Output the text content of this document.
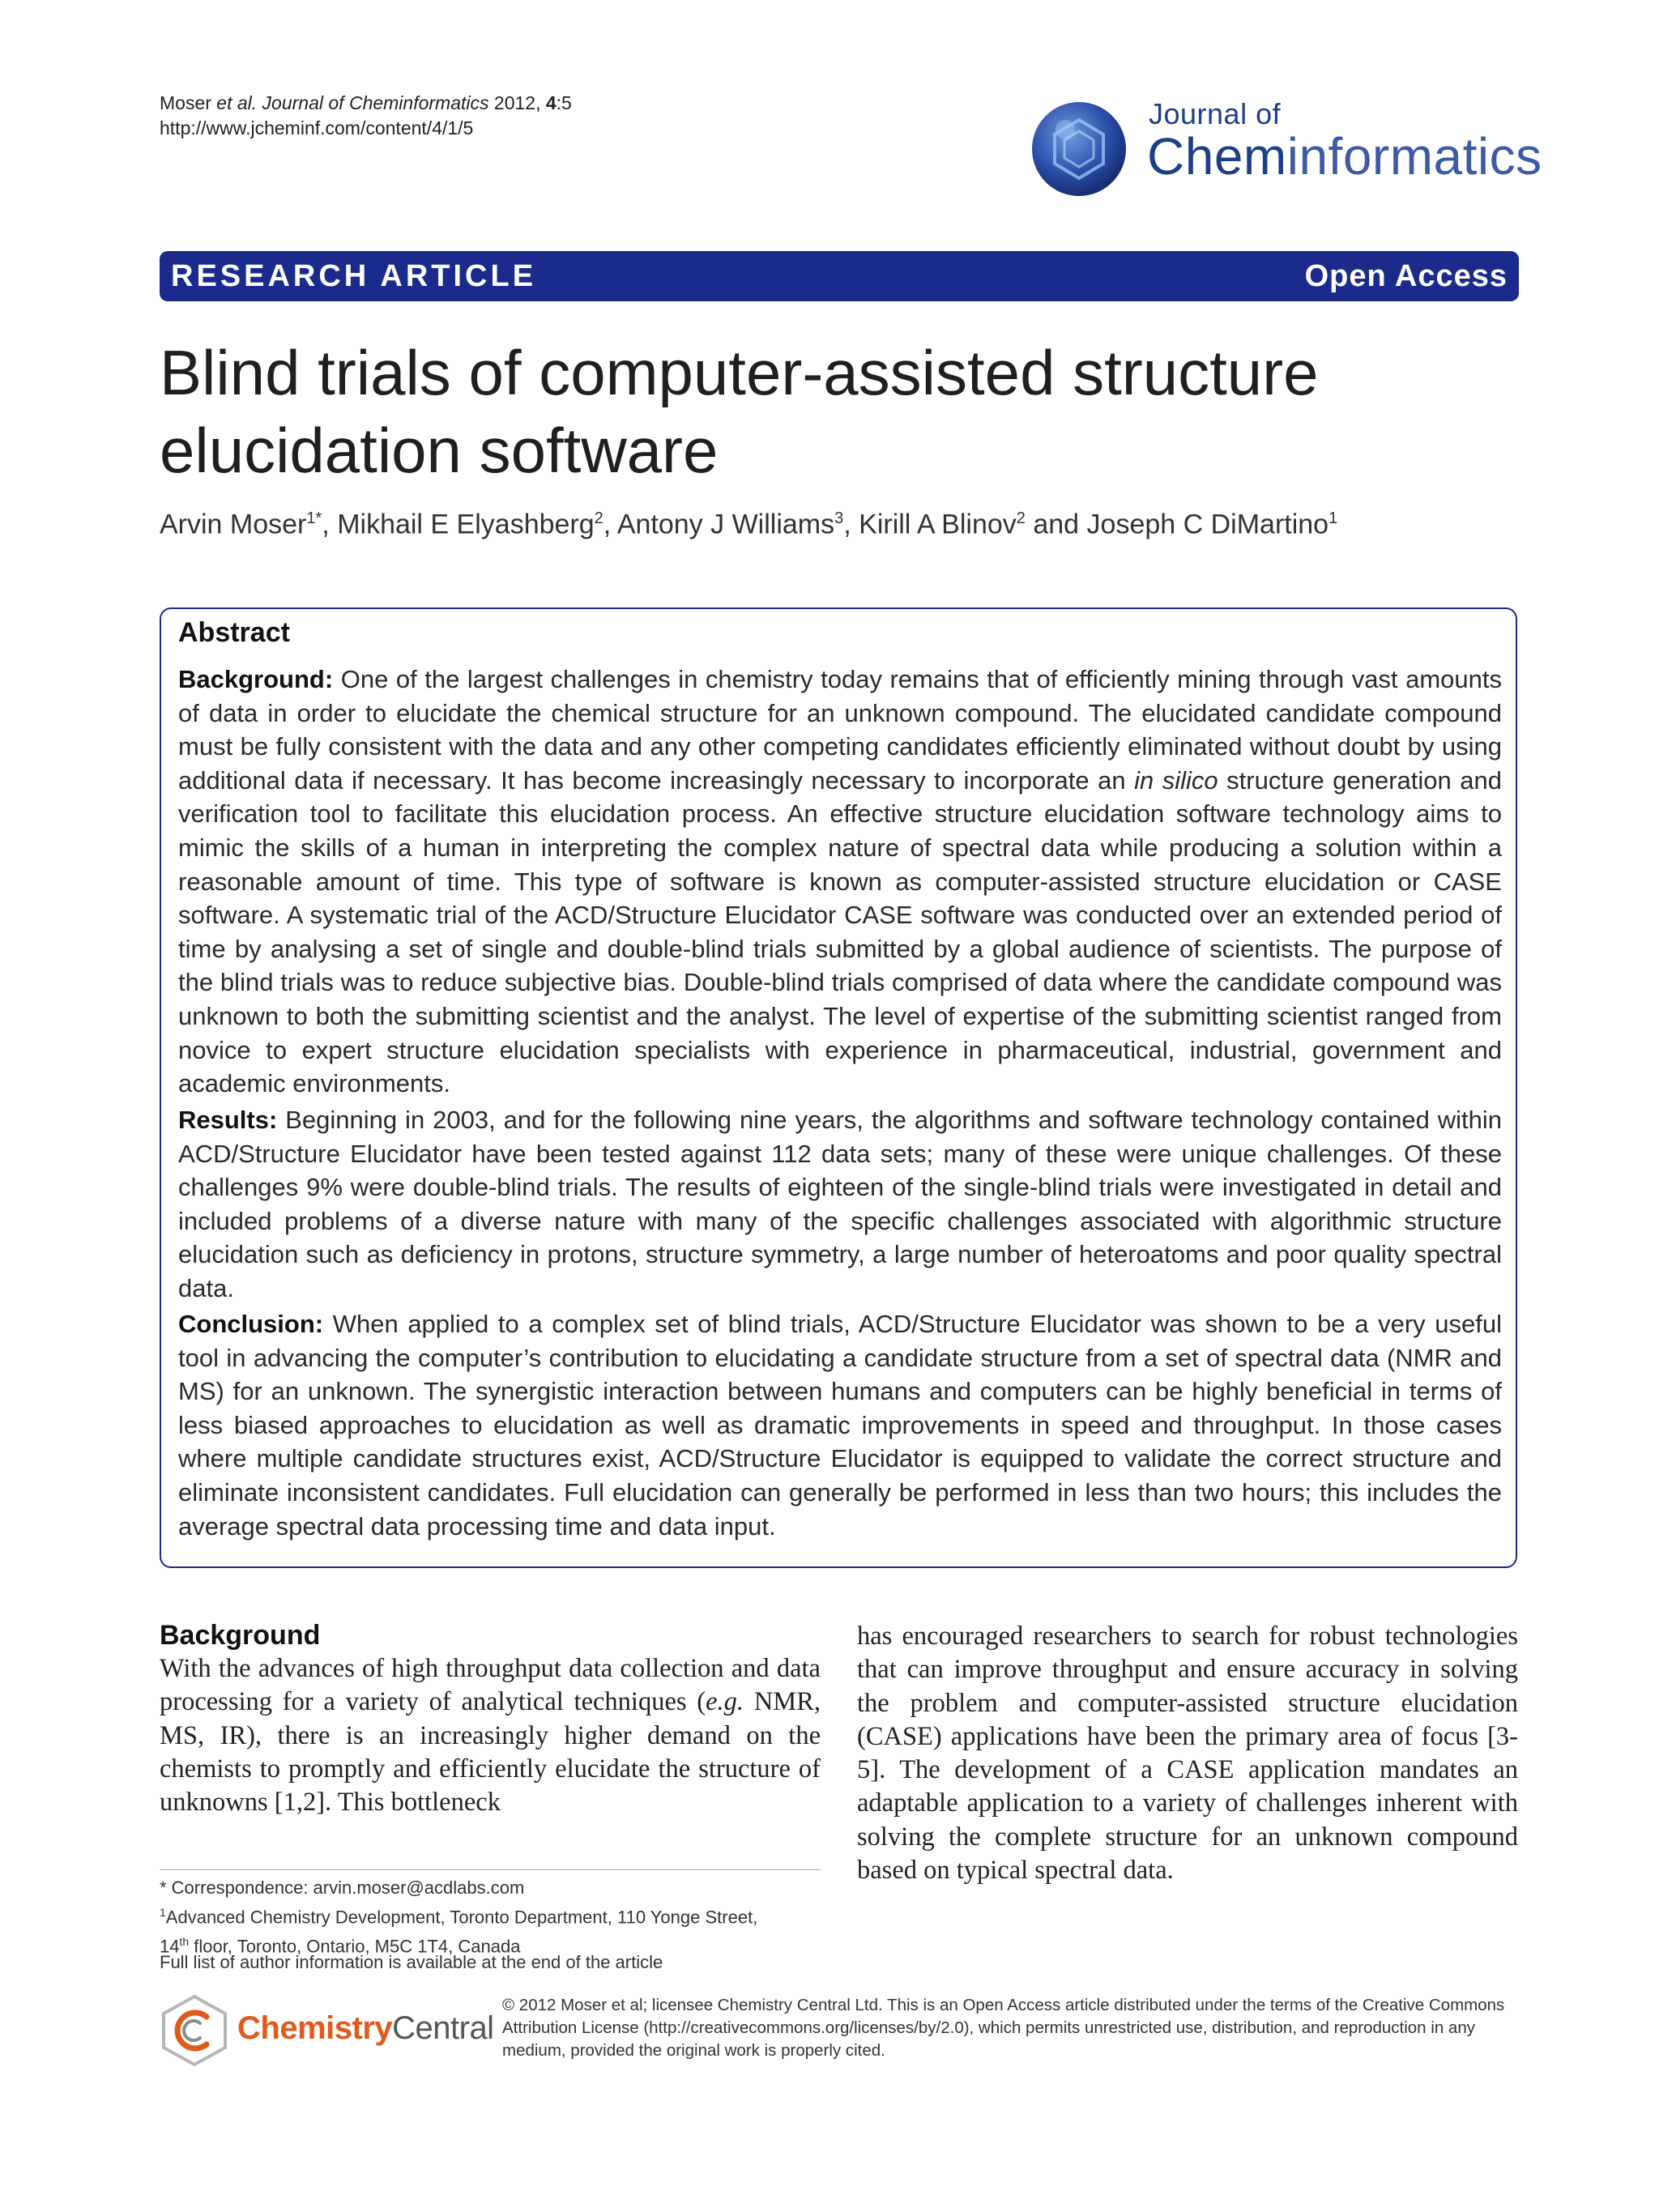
Moser et al. Journal of Cheminformatics 2012, 4:5
http://www.jcheminf.com/content/4/1/5	Journal of
Cheminformatics
RESEARCH ARTICLE	Open Access
Blind trials of computer-assisted structure elucidation software
Arvin Moser$^{1*}$, Mikhail E Elyashberg$^2$, Antony J Williams$^3$, Kirill A Blinov$^2$ and Joseph C DiMartino$^1$
Abstract
Background: One of the largest challenges in chemistry today remains that of efficiently mining through vast amounts of data in order to elucidate the chemical structure for an unknown compound. The elucidated candidate compound must be fully consistent with the data and any other competing candidates efficiently eliminated without doubt by using additional data if necessary. It has become increasingly necessary to incorporate an in silico structure generation and verification tool to facilitate this elucidation process. An effective structure elucidation software technology aims to mimic the skills of a human in interpreting the complex nature of spectral data while producing a solution within a reasonable amount of time. This type of software is known as computer-assisted structure elucidation or CASE software. A systematic trial of the ACD/Structure Elucidator CASE software was conducted over an extended period of time by analysing a set of single and double-blind trials submitted by a global audience of scientists. The purpose of the blind trials was to reduce subjective bias. Double-blind trials comprised of data where the candidate compound was unknown to both the submitting scientist and the analyst. The level of expertise of the submitting scientist ranged from novice to expert structure elucidation specialists with experience in pharmaceutical, industrial, government and academic environments.
Results: Beginning in 2003, and for the following nine years, the algorithms and software technology contained within ACD/Structure Elucidator have been tested against 112 data sets; many of these were unique challenges. Of these challenges 9% were double-blind trials. The results of eighteen of the single-blind trials were investigated in detail and included problems of a diverse nature with many of the specific challenges associated with algorithmic structure elucidation such as deficiency in protons, structure symmetry, a large number of heteroatoms and poor quality spectral data.
Conclusion: When applied to a complex set of blind trials, ACD/Structure Elucidator was shown to be a very useful tool in advancing the computer’s contribution to elucidating a candidate structure from a set of spectral data (NMR and MS) for an unknown. The synergistic interaction between humans and computers can be highly beneficial in terms of less biased approaches to elucidation as well as dramatic improvements in speed and throughput. In those cases where multiple candidate structures exist, ACD/Structure Elucidator is equipped to validate the correct structure and eliminate inconsistent candidates. Full elucidation can generally be performed in less than two hours; this includes the average spectral data processing time and data input.
Background
With the advances of high throughput data collection and data processing for a variety of analytical techniques (e.g. NMR, MS, IR), there is an increasingly higher demand on the chemists to promptly and efficiently elucidate the structure of unknowns [1,2]. This bottleneck
has encouraged researchers to search for robust technologies that can improve throughput and ensure accuracy in solving the problem and computer-assisted structure elucidation (CASE) applications have been the primary area of focus [3-5]. The development of a CASE application mandates an adaptable application to a variety of challenges inherent with solving the complete structure for an unknown compound based on typical spectral data.
* Correspondence: arvin.moser@acdlabs.com
$^1$Advanced Chemistry Development, Toronto Department, 110 Yonge Street,
14th floor, Toronto, Ontario, M5C 1T4, Canada
Full list of author information is available at the end of the article
ChemistryCentral
© 2012 Moser et al; licensee Chemistry Central Ltd. This is an Open Access article distributed under the terms of the Creative Commons Attribution License (http://creativecommons.org/licenses/by/2.0), which permits unrestricted use, distribution, and reproduction in any medium, provided the original work is properly cited.
